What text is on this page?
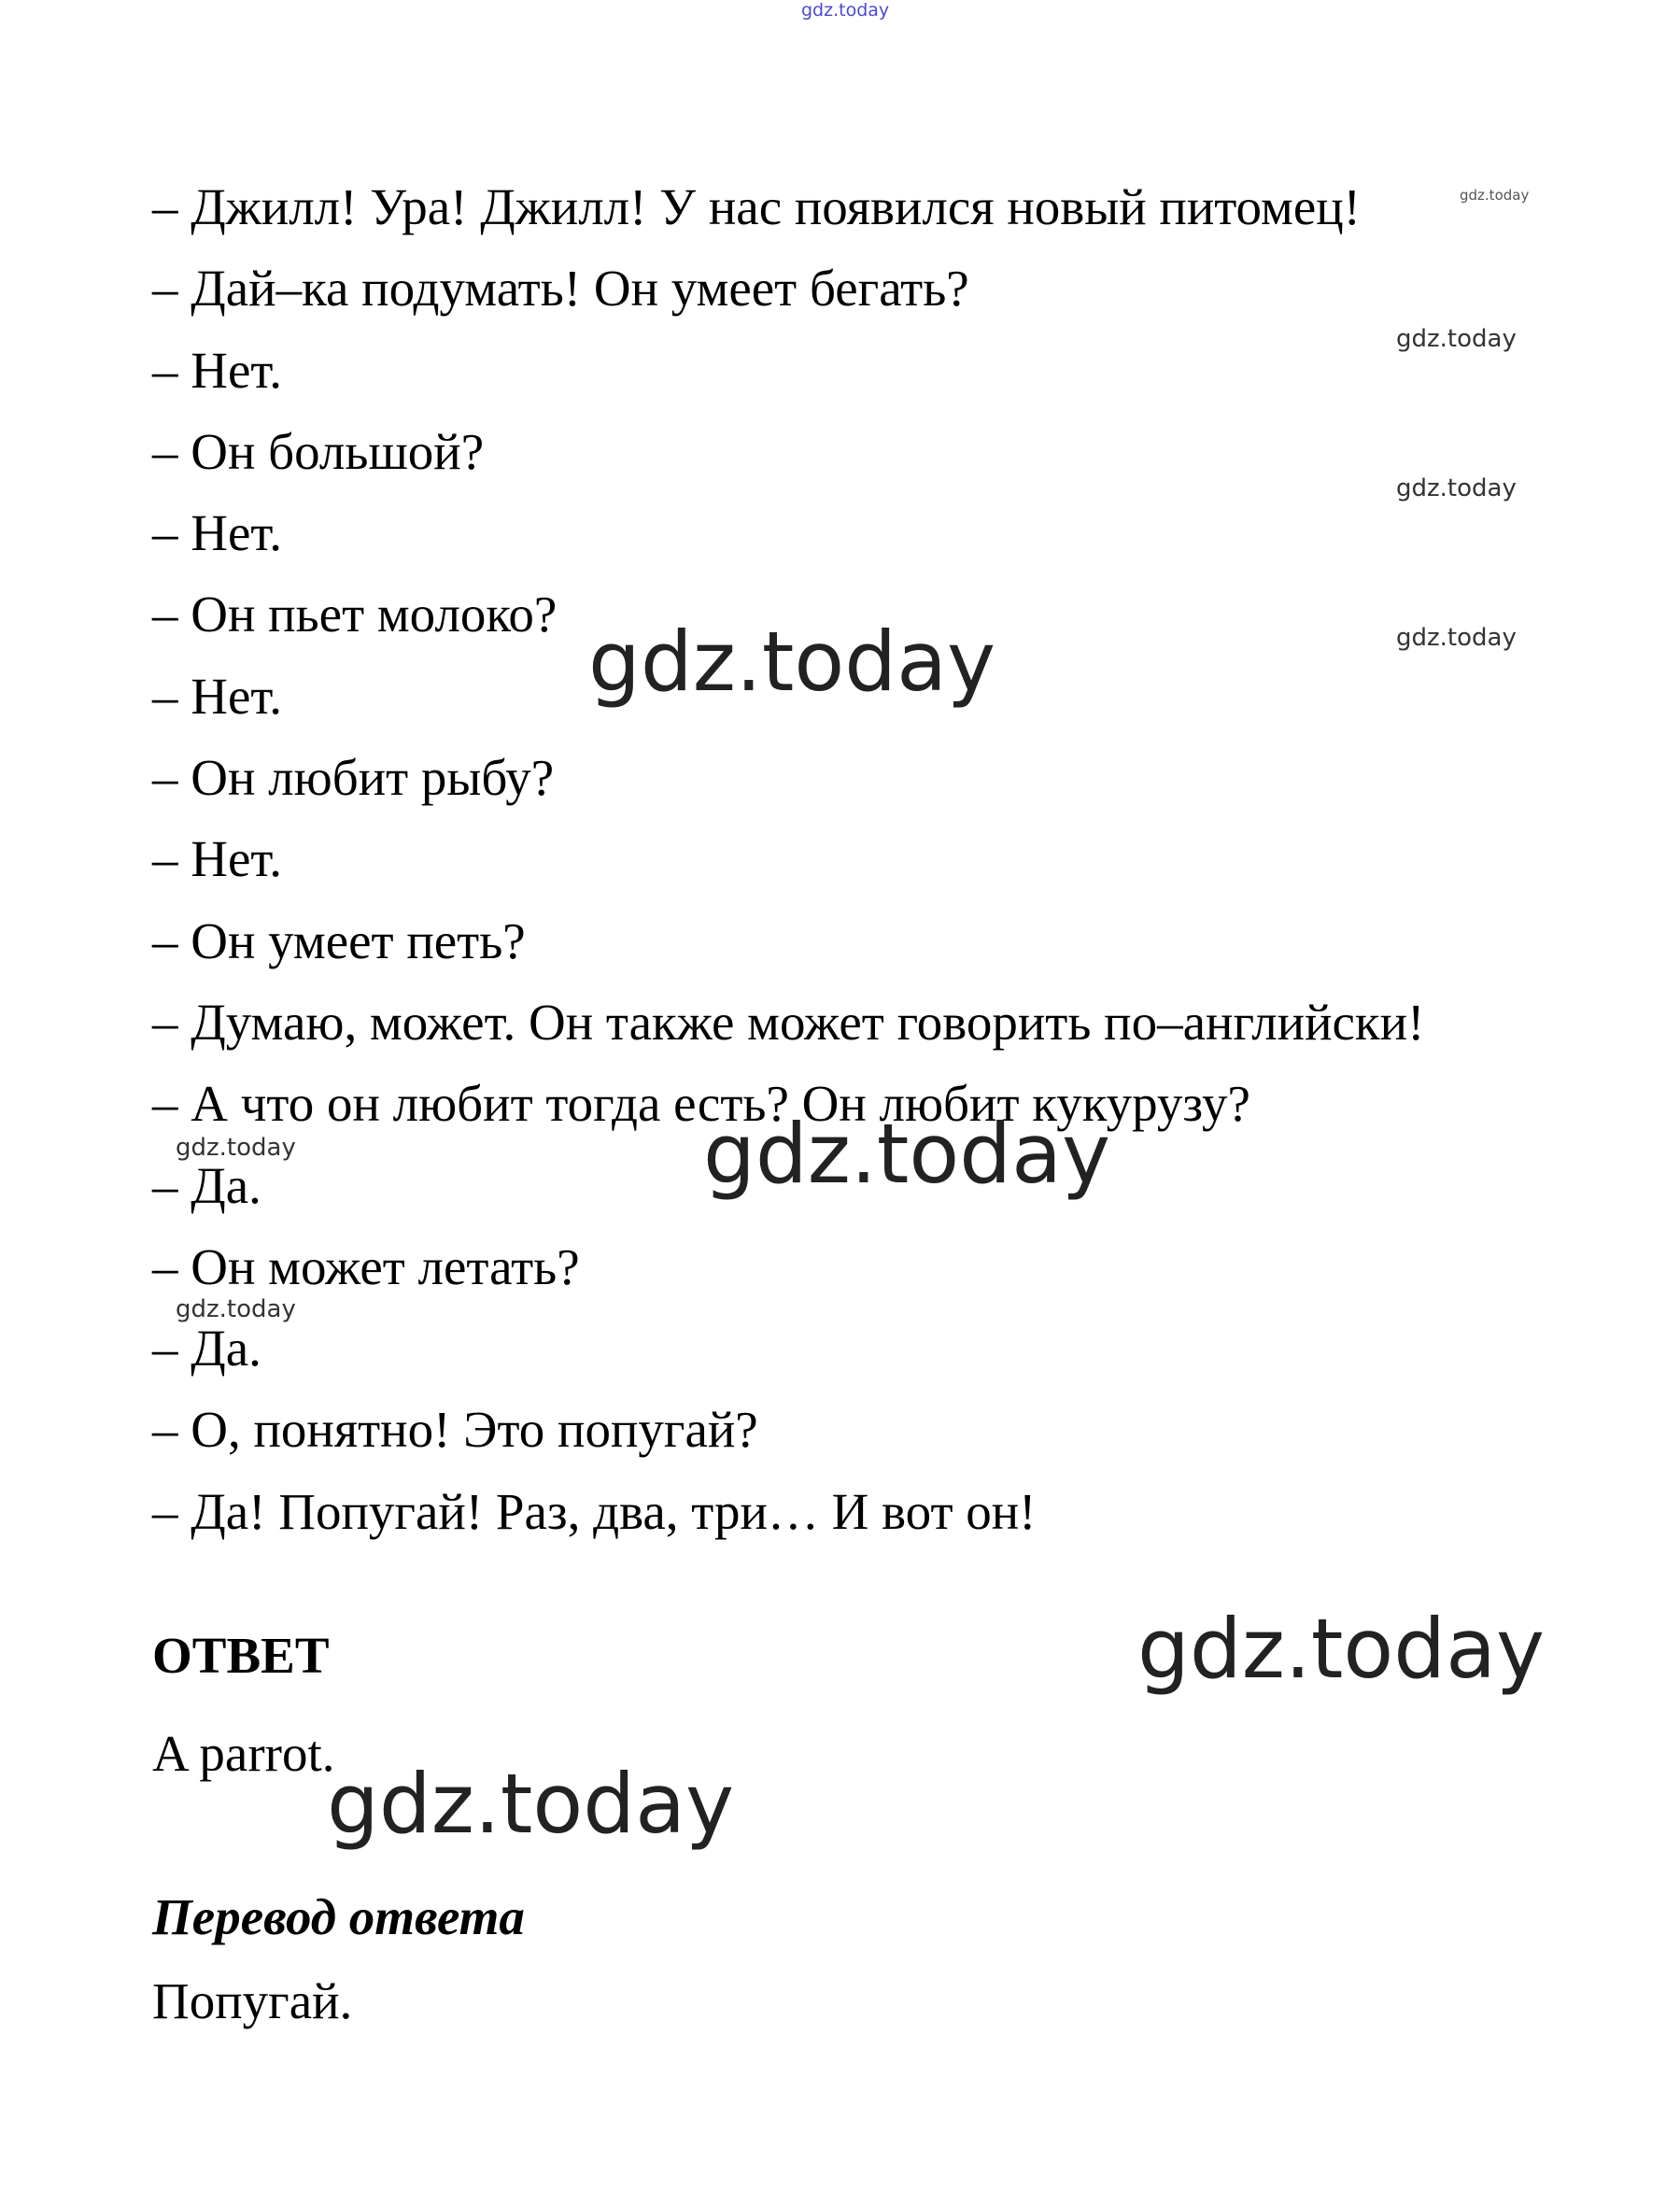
gdz.today
– Джилл! Ура! Джилл! У нас появился новый питомец!
– Дай–ка подумать! Он умеет бегать?
– Нет.
– Он большой?
– Нет.
– Он пьет молоко?
– Нет.
– Он любит рыбу?
– Нет.
– Он умеет петь?
– Думаю, может. Он также может говорить по–английски!
– А что он любит тогда есть? Он любит кукурузу?
– Да.
– Он может летать?
– Да.
– О, понятно! Это попугай?
– Да! Попугай! Раз, два, три… И вот он!
gdz.today
gdz.today
gdz.today
gdz.today
gdz.today
gdz.today
gdz.today
gdz.today
gdz.today
gdz.today
ОТВЕТ

A parrot.

Перевод ответа

Попугай.
